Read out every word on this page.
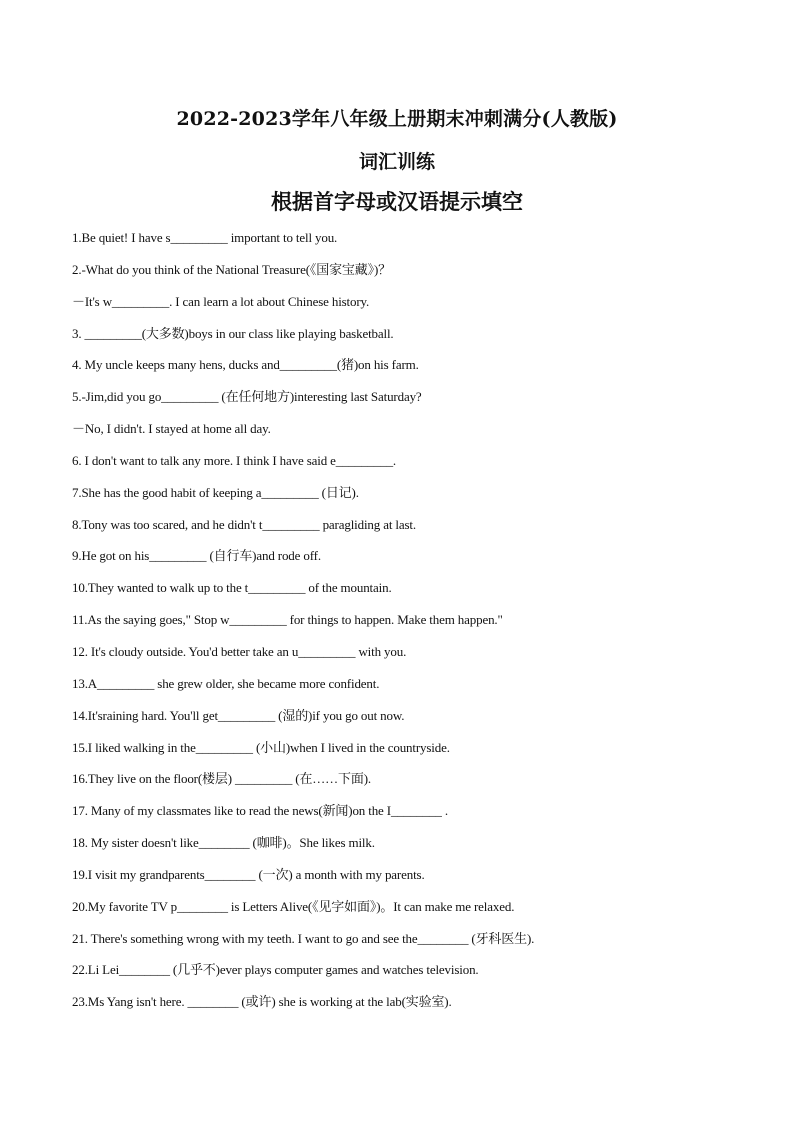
2022-2023学年八年级上册期末冲刺满分(人教版)
词汇训练
根据首字母或汉语提示填空
1.Be quiet! I have s_________ important to tell you.
2.-What do you think of the National Treasure(《国家宝藏》)？
－It's w_________. I can learn a lot about Chinese history.
3. _________(大多数)boys in our class like playing basketball.
4. My uncle keeps many hens, ducks and_________(猪)on his farm.
5.-Jim,did you go_________ (在任何地方)interesting last Saturday?
－No, I didn't. I stayed at home all day.
6. I don't want to talk any more. I think I have said e_________.
7.She has the good habit of keeping a_________ (日记).
8.Tony was too scared, and he didn't t_________ paragliding at last.
9.He got on his_________ (自行车)and rode off.
10.They wanted to walk up to the t_________ of the mountain.
11.As the saying goes," Stop w_________ for things to happen. Make them happen."
12. It's cloudy outside. You'd better take an u_________ with you.
13.A_________ she grew older, she became more confident.
14.It'sraining hard. You'll get_________ (湿的)if you go out now.
15.I liked walking in the_________ (小山)when I lived in the countryside.
16.They live on the floor(楼层) _________ (在……下面).
17. Many of my classmates like to read the news(新闻)on the I________ .
18. My sister doesn't like________ (咖啡)。She likes milk.
19.I visit my grandparents________ (一次) a month with my parents.
20.My favorite TV p________ is Letters Alive(《见字如面》)。It can make me relaxed.
21. There's something wrong with my teeth. I want to go and see the________ (牙科医生).
22.Li Lei________ (几乎不)ever plays computer games and watches television.
23.Ms Yang isn't here. ________ (或许) she is working at the lab(实验室).
